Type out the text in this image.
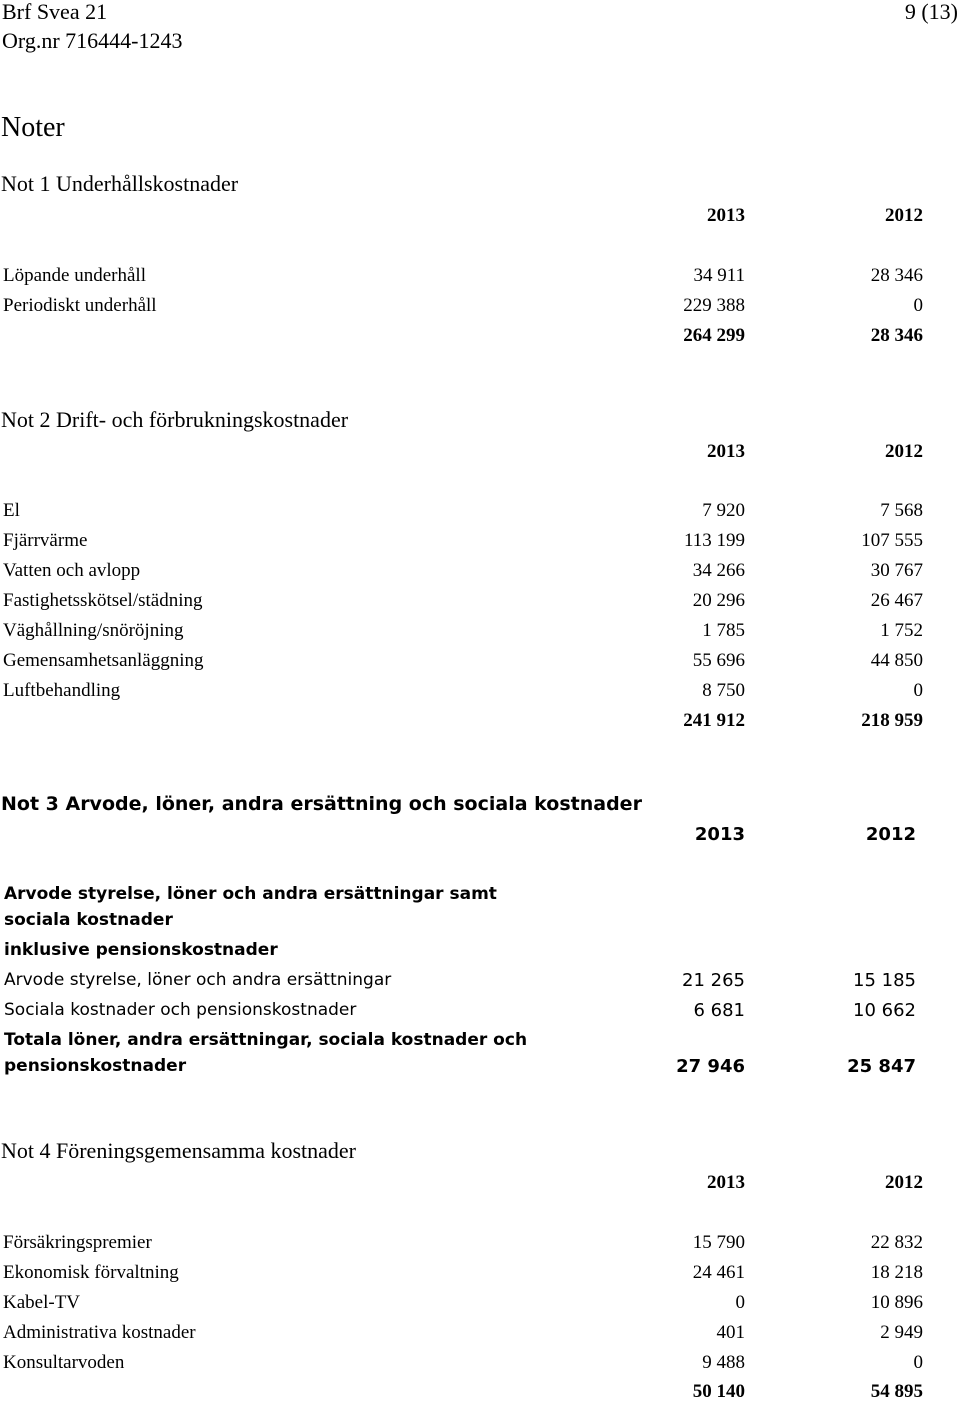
Brf Svea 21
Org.nr 716444-1243
9 (13)
Noter
Not 1 Underhållskostnader
2013	2012
Löpande underhåll	34 911	28 346
Periodiskt underhåll	229 388	0
264 299	28 346
Not 2 Drift- och förbrukningskostnader
2013	2012
El	7 920	7 568
Fjärrvärme	113 199	107 555
Vatten och avlopp	34 266	30 767
Fastighetsskötsel/städning	20 296	26 467
Väghållning/snöröjning	1 785	1 752
Gemensamhetsanläggning	55 696	44 850
Luftbehandling	8 750	0
241 912	218 959
Not 3 Arvode, löner, andra ersättning och sociala kostnader
2013	2012
Arvode styrelse, löner och andra ersättningar samt
sociala kostnader
inklusive pensionskostnader
Arvode styrelse, löner och andra ersättningar	21 265	15 185
Sociala kostnader och pensionskostnader	6 681	10 662
Totala löner, andra ersättningar, sociala kostnader och
pensionskostnader	27 946	25 847
Not 4 Föreningsgemensamma kostnader
2013	2012
Försäkringspremier	15 790	22 832
Ekonomisk förvaltning	24 461	18 218
Kabel-TV	0	10 896
Administrativa kostnader	401	2 949
Konsultarvoden	9 488	0
50 140	54 895
